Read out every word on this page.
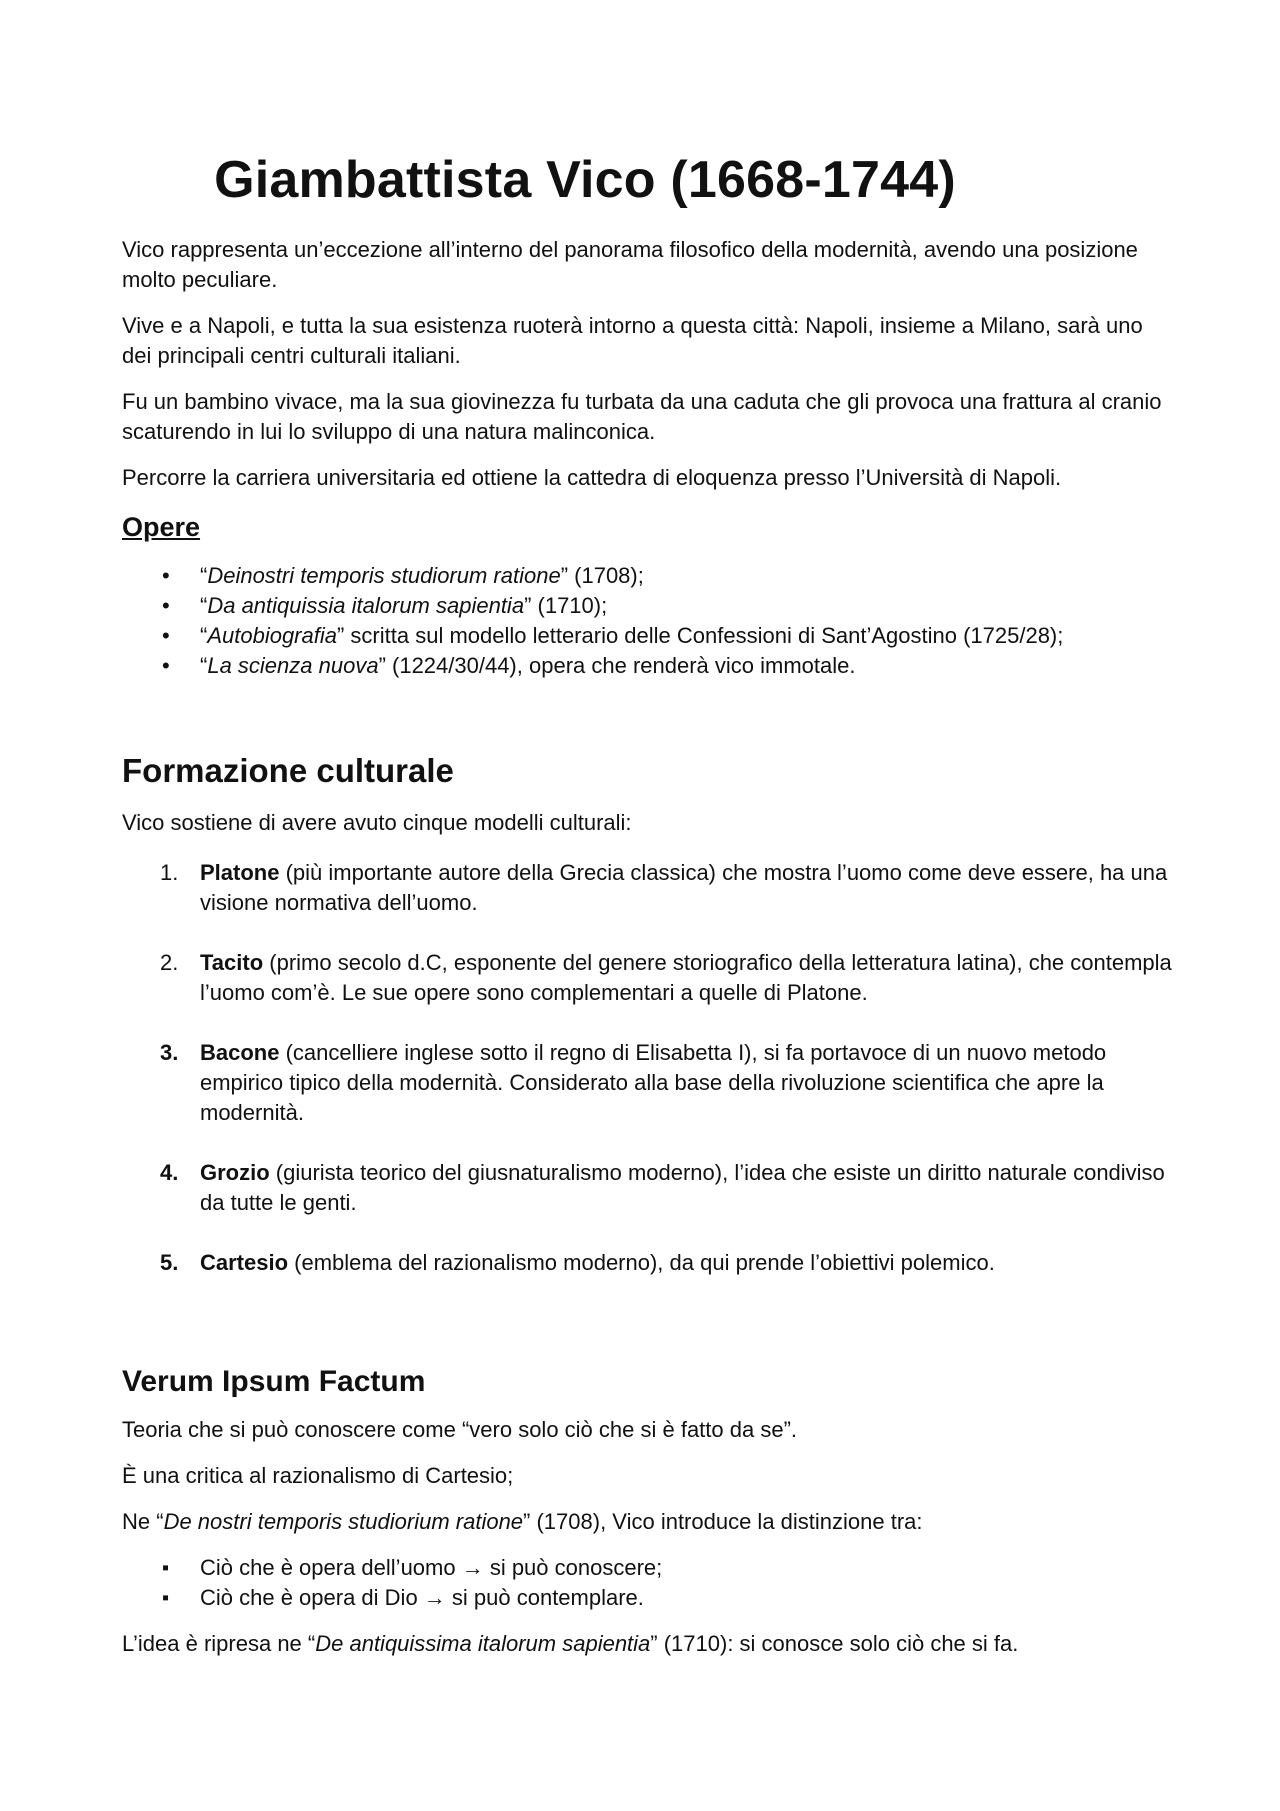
Giambattista Vico (1668-1744)

Vico rappresenta un’eccezione all’interno del panorama filosofico della modernità, avendo una posizione molto peculiare.

Vive e a Napoli, e tutta la sua esistenza ruoterà intorno a questa città: Napoli, insieme a Milano, sarà uno dei principali centri culturali italiani.

Fu un bambino vivace, ma la sua giovinezza fu turbata da una caduta che gli provoca una frattura al cranio scaturendo in lui lo sviluppo di una natura malinconica.

Percorre la carriera universitaria ed ottiene la cattedra di eloquenza presso l’Università di Napoli.

Opere
• “Deinostri temporis studiorum ratione” (1708);
• “Da antiquissia italorum sapientia” (1710);
• “Autobiografia” scritta sul modello letterario delle Confessioni di Sant’Agostino (1725/28);
• “La scienza nuova” (1224/30/44), opera che renderà vico immotale.
Formazione culturale

Vico sostiene di avere avuto cinque modelli culturali:

1. Platone (più importante autore della Grecia classica) che mostra l’uomo come deve essere, ha una visione normativa dell’uomo.
2. Tacito (primo secolo d.C, esponente del genere storiografico della letteratura latina), che contempla l’uomo com’è. Le sue opere sono complementari a quelle di Platone.
3. Bacone (cancelliere inglese sotto il regno di Elisabetta I), si fa portavoce di un nuovo metodo empirico tipico della modernità. Considerato alla base della rivoluzione scientifica che apre la modernità.
4. Grozio (giurista teorico del giusnaturalismo moderno), l’idea che esiste un diritto naturale condiviso da tutte le genti.
5. Cartesio (emblema del razionalismo moderno), da qui prende l’obiettivi polemico.
Verum Ipsum Factum

Teoria che si può conoscere come “vero solo ciò che si è fatto da se”.

È una critica al razionalismo di Cartesio;

Ne “De nostri temporis studiorium ratione” (1708), Vico introduce la distinzione tra:

▪ Ciò che è opera dell’uomo → si può conoscere;
▪ Ciò che è opera di Dio → si può contemplare.

L’idea è ripresa ne “De antiquissima italorum sapientia” (1710): si conosce solo ciò che si fa.
